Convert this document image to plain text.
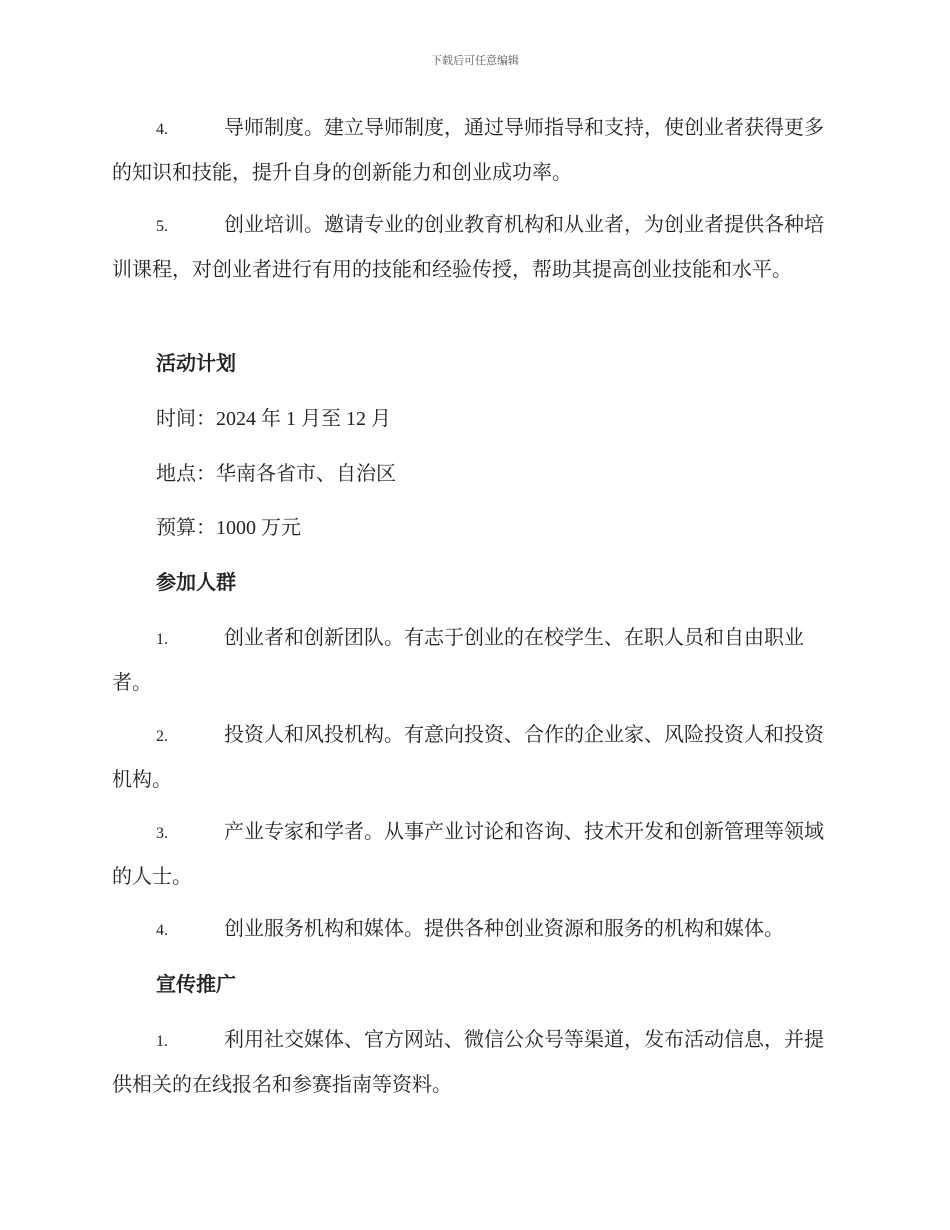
下载后可任意编辑
4.	导师制度。建立导师制度，通过导师指导和支持，使创业者获得更多的知识和技能，提升自身的创新能力和创业成功率。
5.	创业培训。邀请专业的创业教育机构和从业者，为创业者提供各种培训课程，对创业者进行有用的技能和经验传授，帮助其提高创业技能和水平。
活动计划
时间：2024 年 1 月至 12 月
地点：华南各省市、自治区
预算：1000 万元
参加人群
1.	创业者和创新团队。有志于创业的在校学生、在职人员和自由职业者。
2.	投资人和风投机构。有意向投资、合作的企业家、风险投资人和投资机构。
3.	产业专家和学者。从事产业讨论和咨询、技术开发和创新管理等领域的人士。
4.	创业服务机构和媒体。提供各种创业资源和服务的机构和媒体。
宣传推广
1.	利用社交媒体、官方网站、微信公众号等渠道，发布活动信息，并提供相关的在线报名和参赛指南等资料。
